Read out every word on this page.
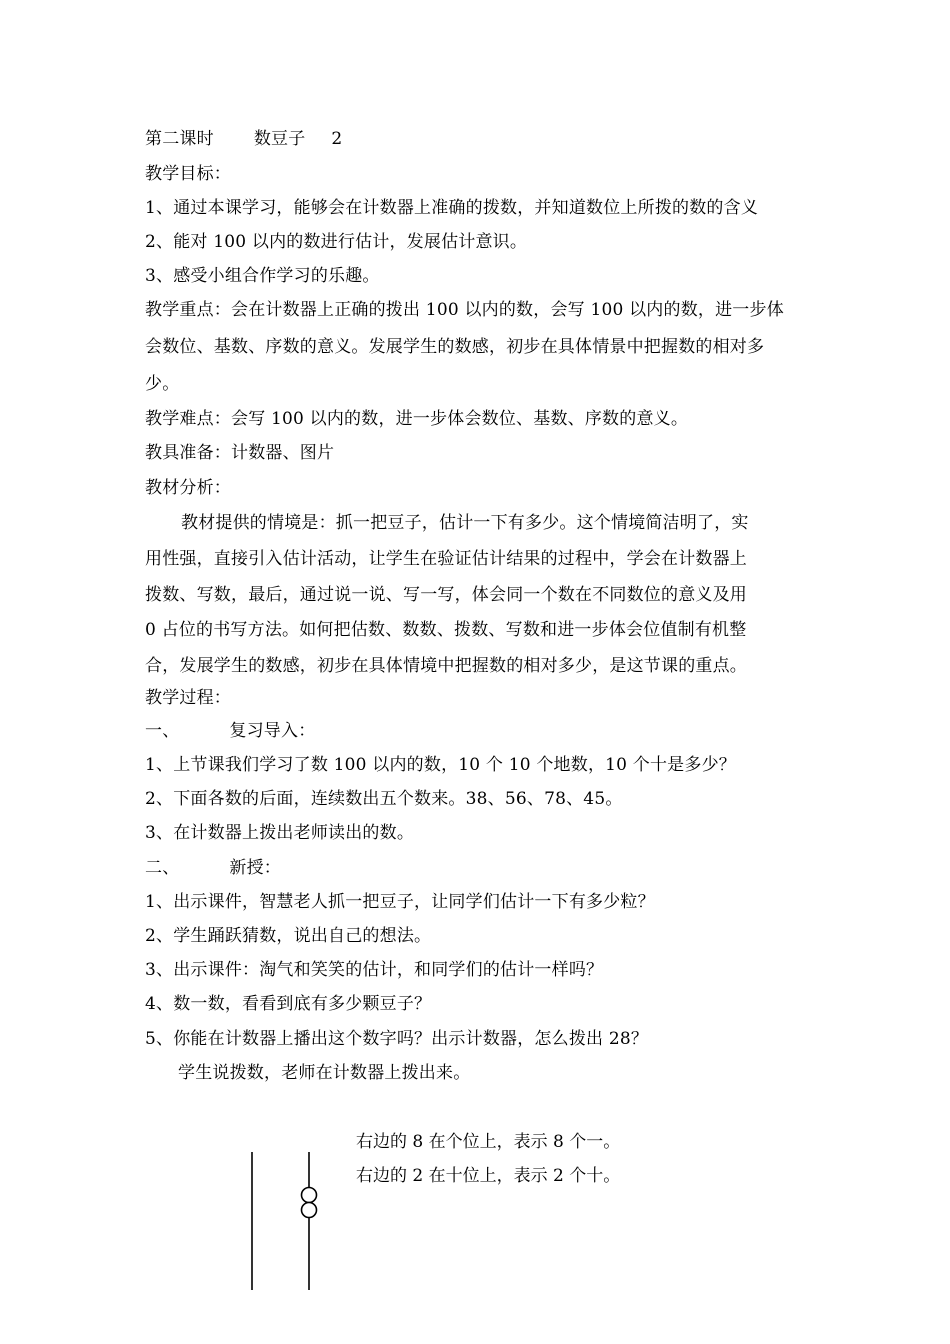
第二课时 数豆子 2
教学目标：
1、通过本课学习，能够会在计数器上准确的拨数，并知道数位上所拨的数的含义
2、能对 100 以内的数进行估计，发展估计意识。
3、感受小组合作学习的乐趣。
教学重点：会在计数器上正确的拨出 100 以内的数，会写 100 以内的数，进一步体
会数位、基数、序数的意义。发展学生的数感，初步在具体情景中把握数的相对多
少。
教学难点：会写 100 以内的数，进一步体会数位、基数、序数的意义。
教具准备：计数器、图片
教材分析：
教材提供的情境是：抓一把豆子，估计一下有多少。这个情境简洁明了，实
用性强，直接引入估计活动，让学生在验证估计结果的过程中，学会在计数器上
拨数、写数，最后，通过说一说、写一写，体会同一个数在不同数位的意义及用
0 占位的书写方法。如何把估数、数数、拨数、写数和进一步体会位值制有机整
合，发展学生的数感，初步在具体情境中把握数的相对多少，是这节课的重点。
教学过程：
一、	复习导入：
1、上节课我们学习了数 100 以内的数，10 个 10 个地数，10 个十是多少？
2、下面各数的后面，连续数出五个数来。38、56、78、45。
3、在计数器上拨出老师读出的数。
二、	新授：
1、出示课件，智慧老人抓一把豆子，让同学们估计一下有多少粒？
2、学生踊跃猜数，说出自己的想法。
3、出示课件：淘气和笑笑的估计，和同学们的估计一样吗？
4、数一数，看看到底有多少颗豆子？
5、你能在计数器上播出这个数字吗？出示计数器，怎么拨出 28？
学生说拨数，老师在计数器上拨出来。
右边的 8 在个位上，表示 8 个一。
右边的 2 在十位上，表示 2 个十。
